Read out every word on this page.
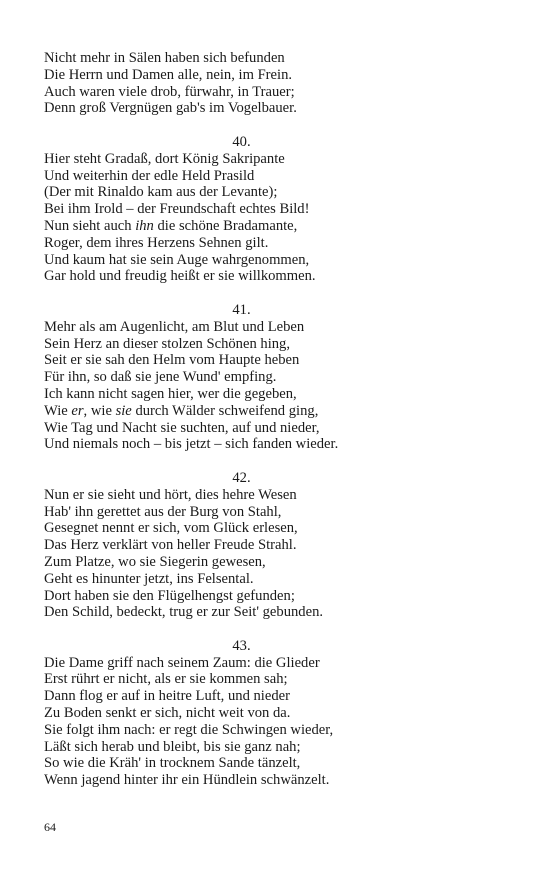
Nicht mehr in Sälen haben sich befunden
Die Herrn und Damen alle, nein, im Frein.
Auch waren viele drob, fürwahr, in Trauer;
Denn groß Vergnügen gab's im Vogelbauer.
40.
Hier steht Gradaß, dort König Sakripante
Und weiterhin der edle Held Prasild
(Der mit Rinaldo kam aus der Levante);
Bei ihm Irold – der Freundschaft echtes Bild!
Nun sieht auch ihn die schöne Bradamante,
Roger, dem ihres Herzens Sehnen gilt.
Und kaum hat sie sein Auge wahrgenommen,
Gar hold und freudig heißt er sie willkommen.
41.
Mehr als am Augenlicht, am Blut und Leben
Sein Herz an dieser stolzen Schönen hing,
Seit er sie sah den Helm vom Haupte heben
Für ihn, so daß sie jene Wund' empfing.
Ich kann nicht sagen hier, wer die gegeben,
Wie er, wie sie durch Wälder schweifend ging,
Wie Tag und Nacht sie suchten, auf und nieder,
Und niemals noch – bis jetzt – sich fanden wieder.
42.
Nun er sie sieht und hört, dies hehre Wesen
Hab' ihn gerettet aus der Burg von Stahl,
Gesegnet nennt er sich, vom Glück erlesen,
Das Herz verklärt von heller Freude Strahl.
Zum Platze, wo sie Siegerin gewesen,
Geht es hinunter jetzt, ins Felsental.
Dort haben sie den Flügelhengst gefunden;
Den Schild, bedeckt, trug er zur Seit' gebunden.
43.
Die Dame griff nach seinem Zaum: die Glieder
Erst rührt er nicht, als er sie kommen sah;
Dann flog er auf in heitre Luft, und nieder
Zu Boden senkt er sich, nicht weit von da.
Sie folgt ihm nach: er regt die Schwingen wieder,
Läßt sich herab und bleibt, bis sie ganz nah;
So wie die Kräh' in trocknem Sande tänzelt,
Wenn jagend hinter ihr ein Hündlein schwänzelt.
64
